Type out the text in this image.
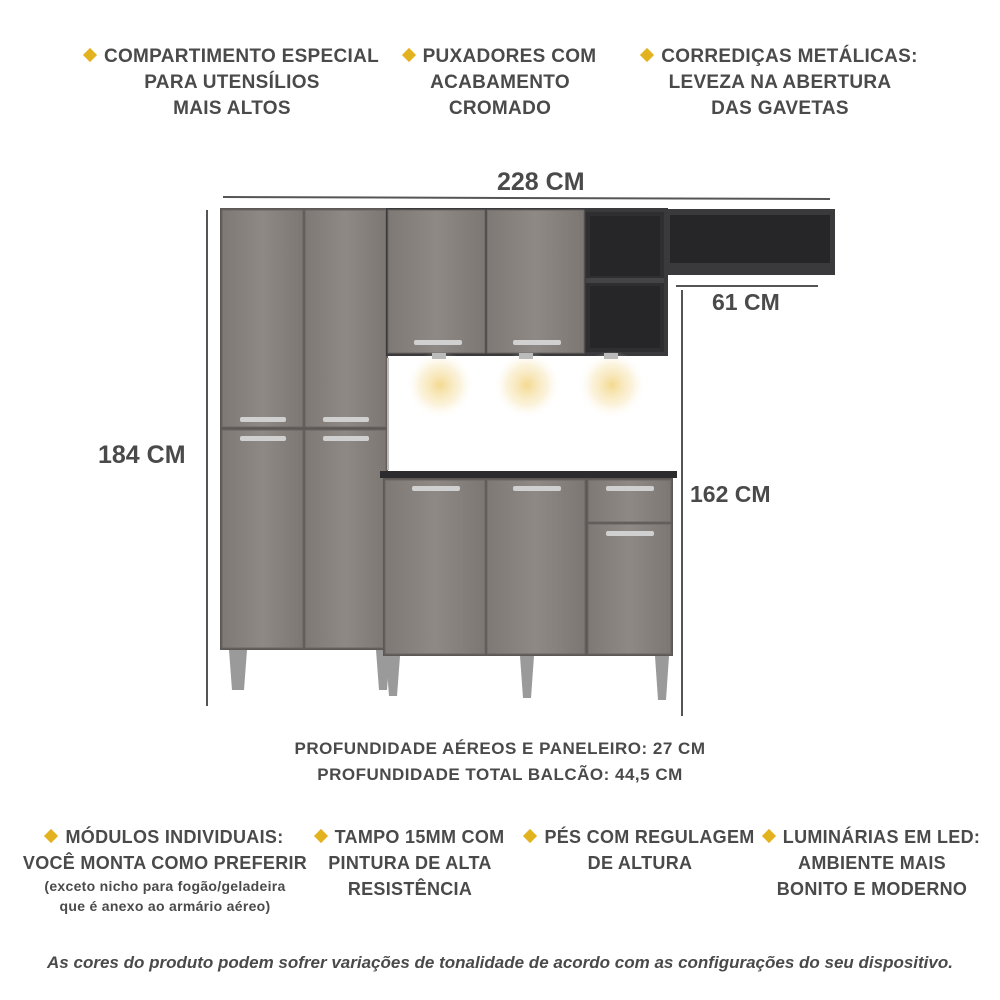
COMPARTIMENTO ESPECIAL
PARA UTENSÍLIOS
MAIS ALTOS
PUXADORES COM
ACABAMENTO
CROMADO
CORREDIÇAS METÁLICAS:
LEVEZA NA ABERTURA
DAS GAVETAS
228 CM
184 CM
162 CM
61 CM
PROFUNDIDADE AÉREOS E PANELEIRO: 27 CM
PROFUNDIDADE TOTAL BALCÃO: 44,5 CM
MÓDULOS INDIVIDUAIS:
VOCÊ MONTA COMO PREFERIR
(exceto nicho para fogão/geladeira
que é anexo ao armário aéreo)
TAMPO 15MM COM
PINTURA DE ALTA
RESISTÊNCIA
PÉS COM REGULAGEM
DE ALTURA
LUMINÁRIAS EM LED:
AMBIENTE MAIS
BONITO E MODERNO
As cores do produto podem sofrer variações de tonalidade de acordo com as configurações do seu dispositivo.
